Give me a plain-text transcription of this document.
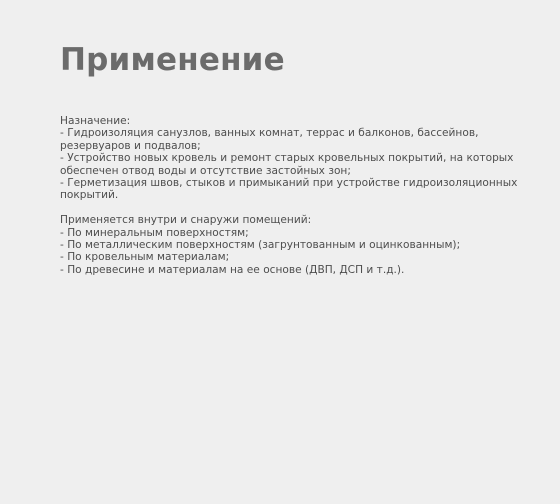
Применение
Назначение:
- Гидроизоляция санузлов, ванных комнат, террас и балконов, бассейнов,
резервуаров и подвалов;
- Устройство новых кровель и ремонт старых кровельных покрытий, на которых
обеспечен отвод воды и отсутствие застойных зон;
- Герметизация швов, стыков и примыканий при устройстве гидроизоляционных
покрытий.
Применяется внутри и снаружи помещений:
- По минеральным поверхностям;
- По металлическим поверхностям (загрунтованным и оцинкованным);
- По кровельным материалам;
- По древесине и материалам на ее основе (ДВП, ДСП и т.д.).
